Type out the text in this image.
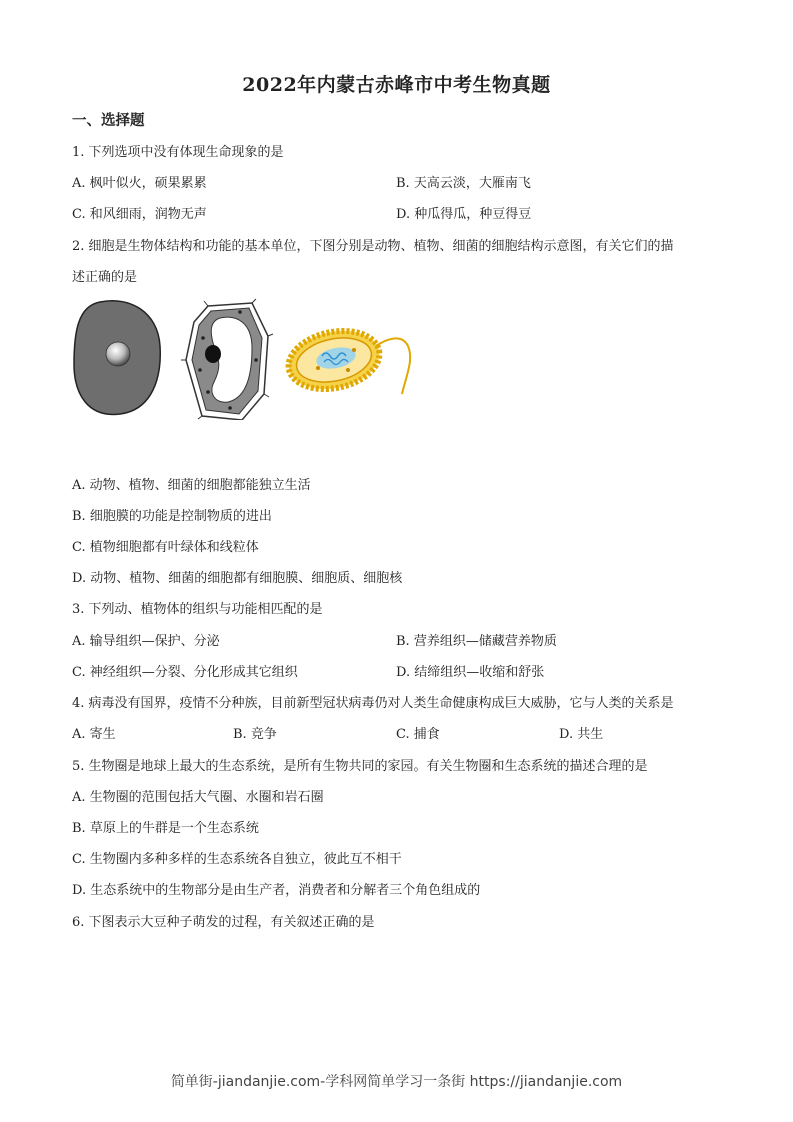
2022年内蒙古赤峰市中考生物真题
一、选择题
1. 下列选项中没有体现生命现象的是
A. 枫叶似火，硕果累累	B. 天高云淡，大雁南飞
C. 和风细雨，润物无声	D. 种瓜得瓜，种豆得豆
2. 细胞是生物体结构和功能的基本单位，下图分别是动物、植物、细菌的细胞结构示意图，有关它们的描
述正确的是
A. 动物、植物、细菌的细胞都能独立生活
B. 细胞膜的功能是控制物质的进出
C. 植物细胞都有叶绿体和线粒体
D. 动物、植物、细菌的细胞都有细胞膜、细胞质、细胞核
3. 下列动、植物体的组织与功能相匹配的是
A. 输导组织—保护、分泌	B. 营养组织—储藏营养物质
C. 神经组织—分裂、分化形成其它组织	D. 结缔组织—收缩和舒张
4. 病毒没有国界，疫情不分种族，目前新型冠状病毒仍对人类生命健康构成巨大威胁，它与人类的关系是
A. 寄生	B. 竞争	C. 捕食	D. 共生
5. 生物圈是地球上最大的生态系统，是所有生物共同的家园。有关生物圈和生态系统的描述合理的是
A. 生物圈的范围包括大气圈、水圈和岩石圈
B. 草原上的牛群是一个生态系统
C. 生物圈内多种多样的生态系统各自独立，彼此互不相干
D. 生态系统中的生物部分是由生产者，消费者和分解者三个角色组成的
6. 下图表示大豆种子萌发的过程，有关叙述正确的是
简单街-jiandanjie.com-学科网简单学习一条街 https://jiandanjie.com
